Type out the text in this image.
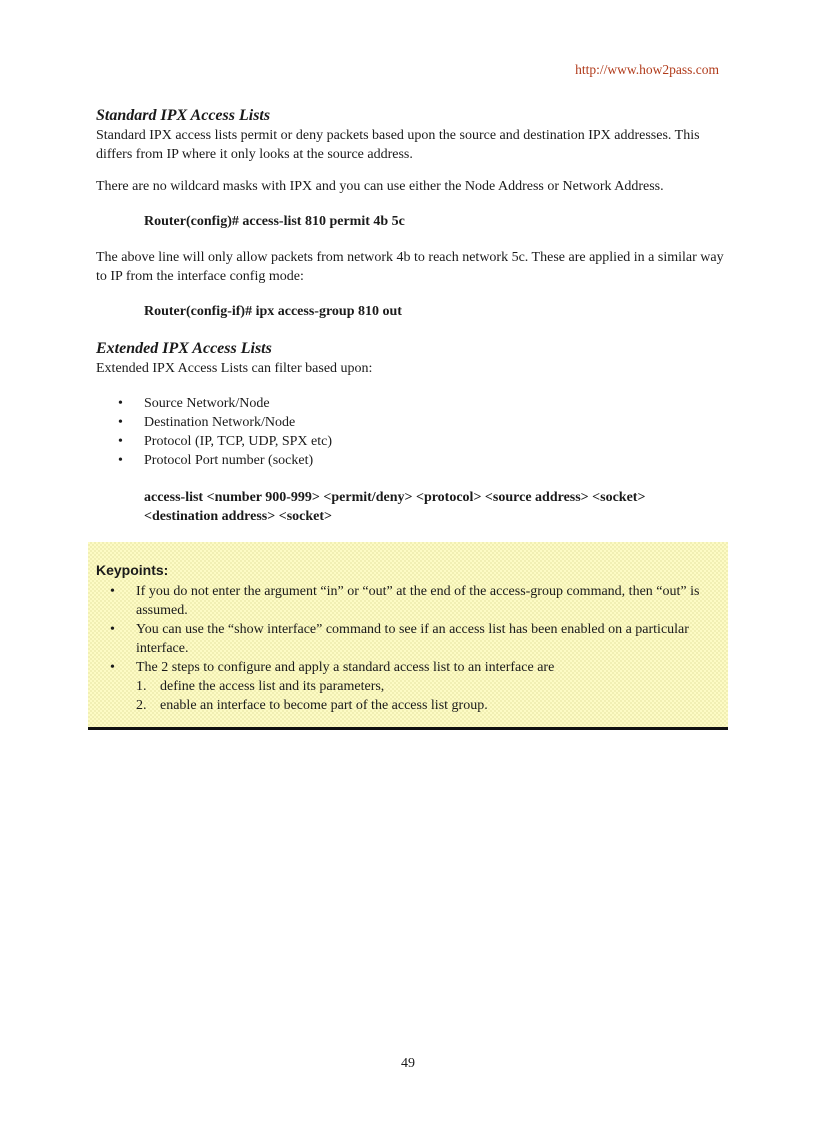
http://www.how2pass.com
Standard IPX Access Lists

Standard IPX access lists permit or deny packets based upon the source and destination IPX addresses. This differs from IP where it only looks at the source address.

There are no wildcard masks with IPX and you can use either the Node Address or Network Address.

Router(config)# access-list 810 permit 4b 5c

The above line will only allow packets from network 4b to reach network 5c. These are applied in a similar way to IP from the interface config mode:

Router(config-if)# ipx access-group 810 out

Extended IPX Access Lists

Extended IPX Access Lists can filter based upon:

• Source Network/Node
• Destination Network/Node
• Protocol (IP, TCP, UDP, SPX etc)
• Protocol Port number (socket)

access-list <number 900-999> <permit/deny> <protocol> <source address> <socket>

<destination address> <socket>

Keypoints:
• If you do not enter the argument “in” or “out” at the end of the access-group command, then “out” is assumed.
• You can use the “show interface” command to see if an access list has been enabled on a particular interface.
• The 2 steps to configure and apply a standard access list to an interface are
1. define the access list and its parameters,
2. enable an interface to become part of the access list group.
49
